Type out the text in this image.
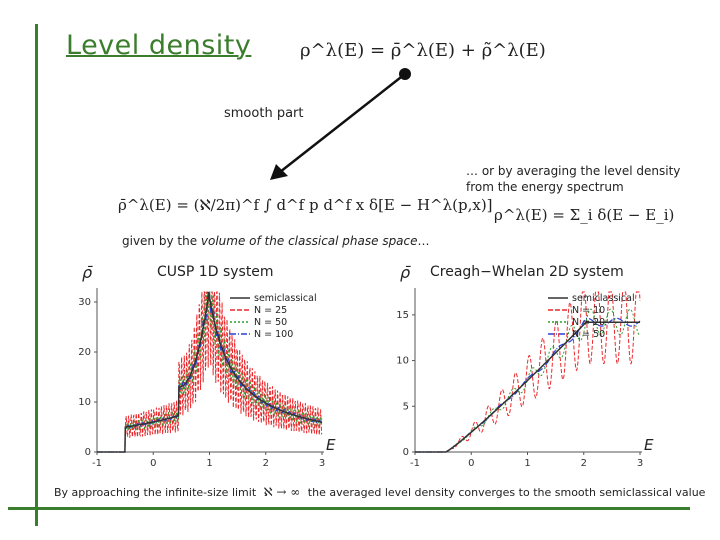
Level density	ρ^λ(E) = ρ̄^λ(E) + ρ̃^λ(E)
smooth part
… or by averaging the level density
from the energy spectrum
ρ̄^λ(E) = (ℵ/2π)^f ∫ d^f p d^f x δ[E − H^λ(p,x)]
ρ^λ(E) = Σ_i δ(E − E_i)
given by the volume of the classical phase space…
CUSP 1D system	Creagh−Whelan 2D system
-1	0	1	2	3
0
10
20
30
ρ̄
E
semiclassical
N = 25
N = 50
N = 100
-1	0	1	2	3
0
5
10
15
ρ̄
E
semiclassical
N = 10
N = 20
N = 50
By approaching the infinite-size limit ℵ → ∞ the averaged level density converges to the smooth semiclassical value
